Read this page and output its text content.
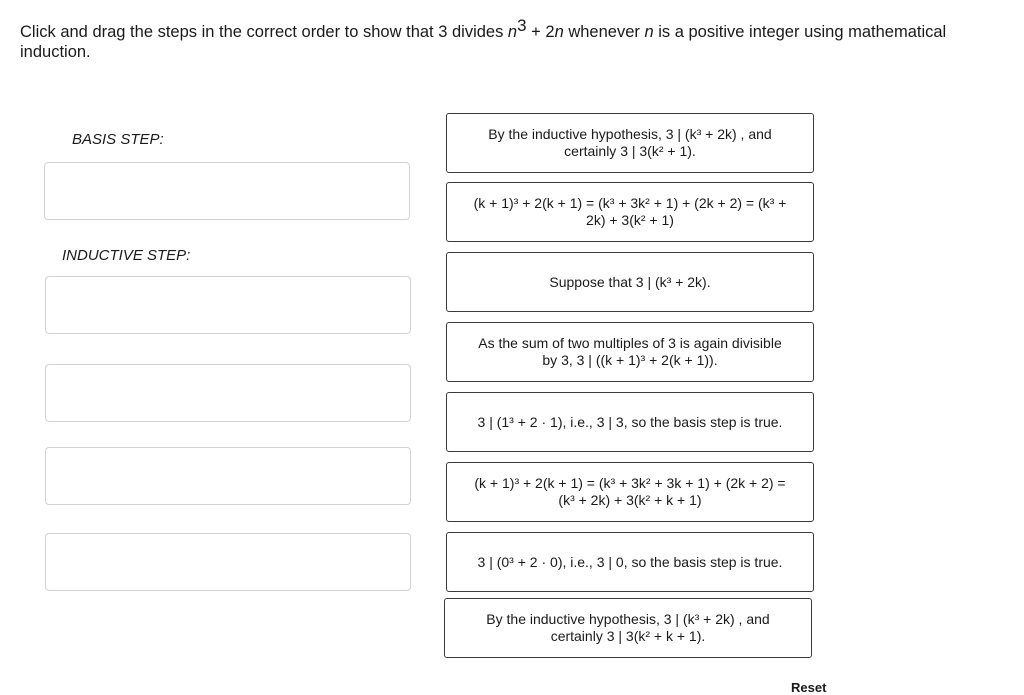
Click and drag the steps in the correct order to show that 3 divides $n^3 + 2n$ whenever n is a positive integer using mathematical induction.
BASIS STEP:
INDUCTIVE STEP:
By the inductive hypothesis, 3 | (k³ + 2k) , and
certainly 3 | 3(k² + 1).
(k + 1)³ + 2(k + 1) = (k³ + 3k² + 1) + (2k + 2) = (k³ +
2k) + 3(k² + 1)
Suppose that 3 | (k³ + 2k).
As the sum of two multiples of 3 is again divisible
by 3, 3 | ((k + 1)³ + 2(k + 1)).
3 | (1³ + 2 · 1), i.e., 3 | 3, so the basis step is true.
(k + 1)³ + 2(k + 1) = (k³ + 3k² + 3k + 1) + (2k + 2) =
(k³ + 2k) + 3(k² + k + 1)
3 | (0³ + 2 · 0), i.e., 3 | 0, so the basis step is true.
By the inductive hypothesis, 3 | (k³ + 2k) , and
certainly 3 | 3(k² + k + 1).
Reset
